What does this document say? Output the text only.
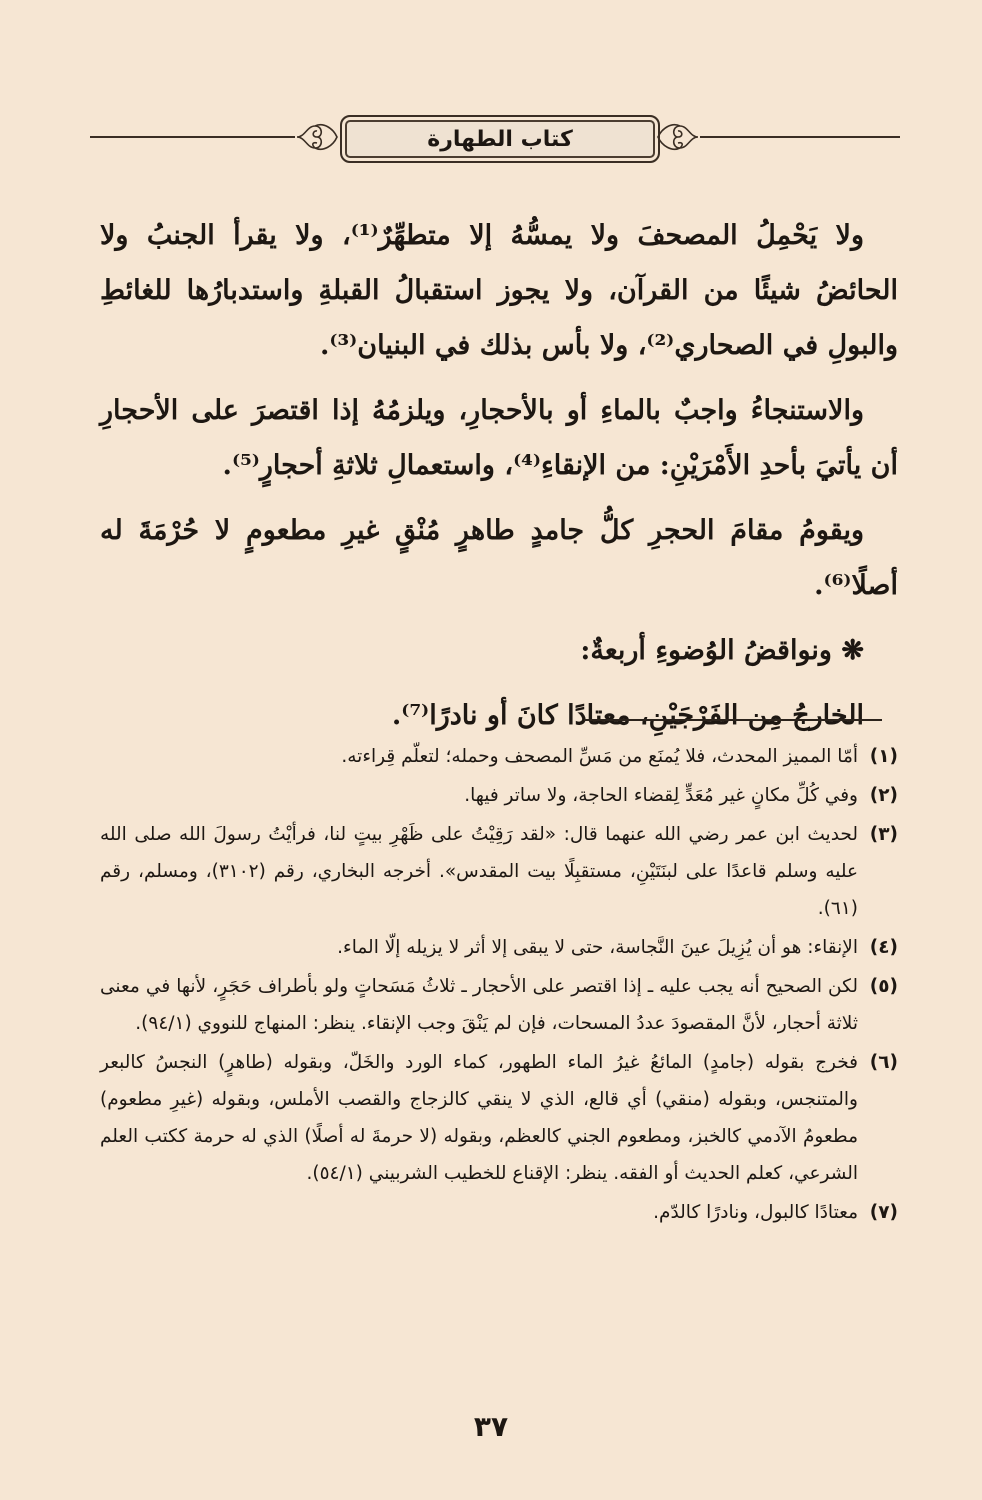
كتاب الطهارة

ولا يَحْمِلُ المصحفَ ولا يمسُّهُ إلا متطهِّرٌ⁽¹⁾، ولا يقرأ الجنبُ ولا الحائضُ شيئًا من القرآن، ولا يجوز استقبالُ القبلةِ واستدبارُها للغائطِ والبولِ في الصحاري⁽²⁾، ولا بأس بذلك في البنيان⁽³⁾.

والاستنجاءُ واجبٌ بالماءِ أو بالأحجارِ، ويلزمُهُ إذا اقتصرَ على الأحجارِ أن يأتيَ بأحدِ الأَمْرَيْنِ: من الإنقاءِ⁽⁴⁾، واستعمالِ ثلاثةِ أحجارٍ⁽⁵⁾.

ويقومُ مقامَ الحجرِ كلُّ جامدٍ طاهرٍ مُنْقٍ غيرِ مطعومٍ لا حُرْمَةَ له أصلًا⁽⁶⁾.

❋ ونواقضُ الوُضوءِ أربعةٌ:

الخارجُ مِن الفَرْجَيْنِ، معتادًا كانَ أو نادرًا⁽⁷⁾.

(١)
أمّا المميز المحدث، فلا يُمنَع من مَسِّ المصحف وحمله؛ لتعلّم قِراءته.
(٢)
وفي كُلِّ مكانٍ غير مُعَدٍّ لِقضاء الحاجة، ولا ساتر فيها.
(٣)
لحديث ابن عمر رضي الله عنهما قال: «لقد رَقِيْتُ على ظَهْرِ بيتٍ لنا، فرأيْتُ رسولَ الله صلى الله عليه وسلم قاعدًا على لبنَتَيْنِ، مستقبِلًا بيت المقدس». أخرجه البخاري، رقم (٣١٠٢)، ومسلم، رقم (٦١).
(٤)
الإنقاء: هو أن يُزِيلَ عينَ النَّجاسة، حتى لا يبقى إلا أثر لا يزيله إلّا الماء.
(٥)
لكن الصحيح أنه يجب عليه ـ إذا اقتصر على الأحجار ـ ثلاثُ مَسَحاتٍ ولو بأطراف حَجَرٍ، لأنها في معنى ثلاثة أحجار، لأنَّ المقصودَ عددُ المسحات، فإن لم يَنْقَ وجب الإنقاء. ينظر: المنهاج للنووي (٩٤/١).
(٦)
فخرج بقوله (جامدٍ) المائعُ غيرُ الماء الطهور، كماء الورد والخَلّ، وبقوله (طاهرٍ) النجسُ كالبعر والمتنجس، وبقوله (منقي) أي قالع، الذي لا ينقي كالزجاج والقصب الأملس، وبقوله (غيرِ مطعوم) مطعومُ الآدمي كالخبز، ومطعوم الجني كالعظم، وبقوله (لا حرمةَ له أصلًا) الذي له حرمة ككتب العلم الشرعي، كعلم الحديث أو الفقه. ينظر: الإقناع للخطيب الشربيني (٥٤/١).
(٧)
معتادًا كالبول، ونادرًا كالدّم.
٣٧
